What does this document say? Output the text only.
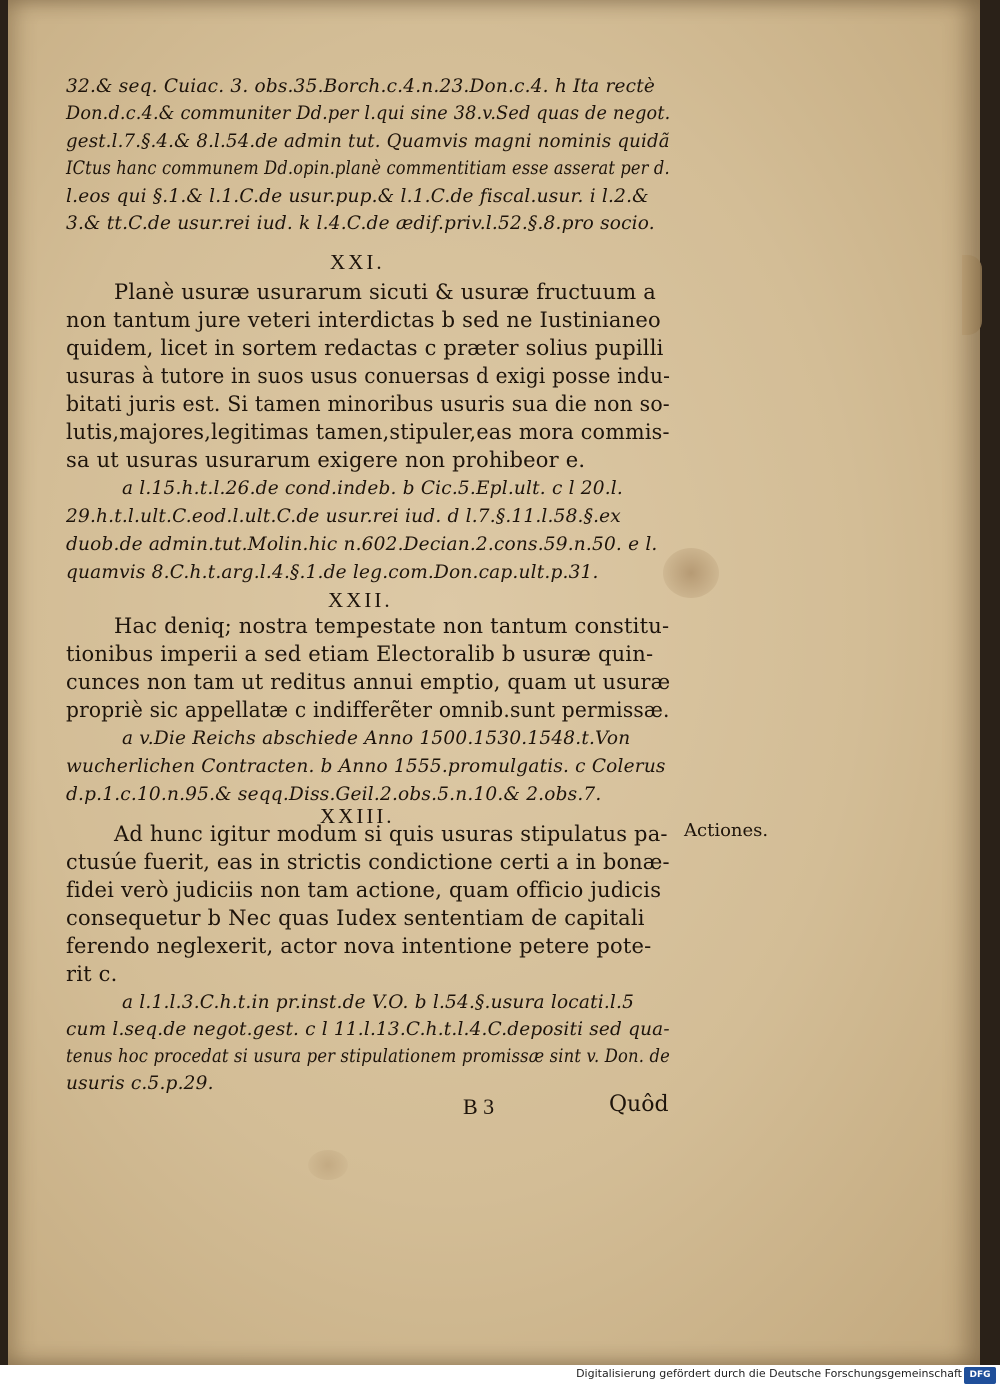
32.& seq. Cuiac. 3. obs.35.Borch.c.4.n.23.Don.c.4. h Ita rectè
Don.d.c.4.& communiter Dd.per l.qui sine 38.v.Sed quas de negot.
gest.l.7.§.4.& 8.l.54.de admin tut. Quamvis magni nominis quidã
ICtus hanc communem Dd.opin.planè commentitiam esse asserat per d.
l.eos qui §.1.& l.1.C.de usur.pup.& l.1.C.de fiscal.usur. i l.2.&
3.& tt.C.de usur.rei iud. k l.4.C.de ædif.priv.l.52.§.8.pro socio.
XXI.
Planè usuræ usurarum sicuti & usuræ fructuum a
non tantum jure veteri interdictas b sed ne Iustinianeo
quidem, licet in sortem redactas c præter solius pupilli
usuras à tutore in suos usus conuersas d exigi posse indu-
bitati juris est. Si tamen minoribus usuris sua die non so-
lutis,majores,legitimas tamen,stipuler,eas mora commis-
sa ut usuras usurarum exigere non prohibeor e.
a l.15.h.t.l.26.de cond.indeb. b Cic.5.Epl.ult. c l 20.l.
29.h.t.l.ult.C.eod.l.ult.C.de usur.rei iud. d l.7.§.11.l.58.§.ex
duob.de admin.tut.Molin.hic n.602.Decian.2.cons.59.n.50. e l.
quamvis 8.C.h.t.arg.l.4.§.1.de leg.com.Don.cap.ult.p.31.
XXII.
Hac deniq; nostra tempestate non tantum constitu-
tionibus imperii a sed etiam Electoralib b usuræ quin-
cunces non tam ut reditus annui emptio, quam ut usuræ
propriè sic appellatæ c indifferẽter omnib.sunt permissæ.
a v.Die Reichs abschiede Anno 1500.1530.1548.t.Von
wucherlichen Contracten. b Anno 1555.promulgatis. c Colerus
d.p.1.c.10.n.95.& seqq.Diss.Geil.2.obs.5.n.10.& 2.obs.7.
XXIII.
Actiones.
Ad hunc igitur modum si quis usuras stipulatus pa-
ctusúe fuerit, eas in strictis condictione certi a in bonæ-
fidei verò judiciis non tam actione, quam officio judicis
consequetur b Nec quas Iudex sententiam de capitali
ferendo neglexerit, actor nova intentione petere pote-
rit c.
a l.1.l.3.C.h.t.in pr.inst.de V.O. b l.54.§.usura locati.l.5
cum l.seq.de negot.gest. c l 11.l.13.C.h.t.l.4.C.depositi sed qua-
tenus hoc procedat si usura per stipulationem promissæ sint v. Don. de
usuris c.5.p.29.
B 3	Quôd
Digitalisierung gefördert durch die Deutsche Forschungsgemeinschaft DFG
